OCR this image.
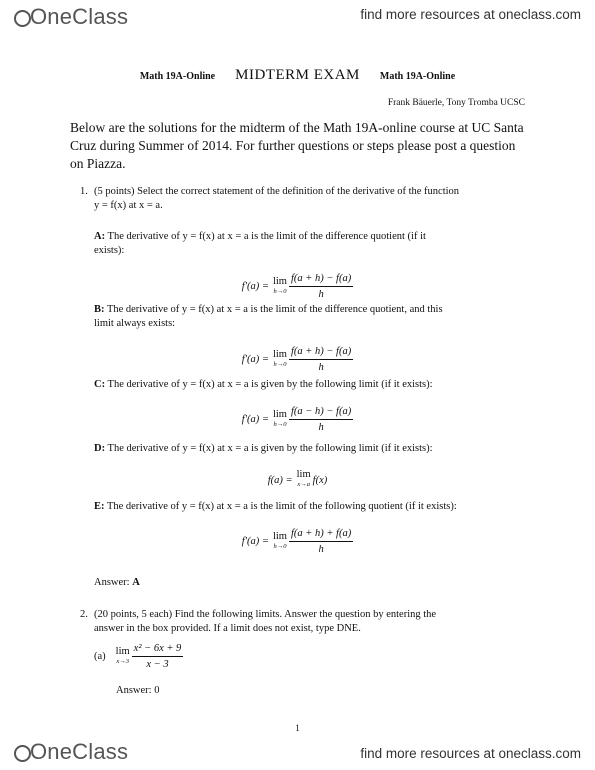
OneClass	find more resources at oneclass.com
Math 19A-Online MIDTERM EXAM Math 19A-Online
Frank Bäuerle, Tony Tromba UCSC
Below are the solutions for the midterm of the Math 19A-online course at UC Santa Cruz during Summer of 2014. For further questions or steps please post a question on Piazza.
1. (5 points) Select the correct statement of the definition of the derivative of the function
y = f(x) at x = a.
A: The derivative of y = f(x) at x = a is the limit of the difference quotient (if it
exists):
f′(a) = lim
$h\to 0 \frac{f(a + h) - f(a)}{h}$
B: The derivative of y = f(x) at x = a is the limit of the difference quotient, and this
limit always exists:
f′(a) = lim
$h\to 0 \frac{f(a + h) - f(a)}{h}$
C: The derivative of y = f(x) at x = a is given by the following limit (if it exists):
f′(a) = lim
$h\to 0 \frac{f(a - h) - f(a)}{h}$
D: The derivative of y = f(x) at x = a is given by the following limit (if it exists):
f(a) = lim
x→a f(x)
E: The derivative of y = f(x) at x = a is the limit of the following quotient (if it exists):
f′(a) = lim
$h\to 0 \frac{f(a + h) + f(a)}{h}$
Answer: A
2. (20 points, 5 each) Find the following limits. Answer the question by entering the
answer in the box provided. If a limit does not exist, type DNE.
(a) lim
$x\to 3 \frac{\text{x² − 6x + 9}}{x - 3}$
Answer: 0
1
OneClass	find more resources at oneclass.com
